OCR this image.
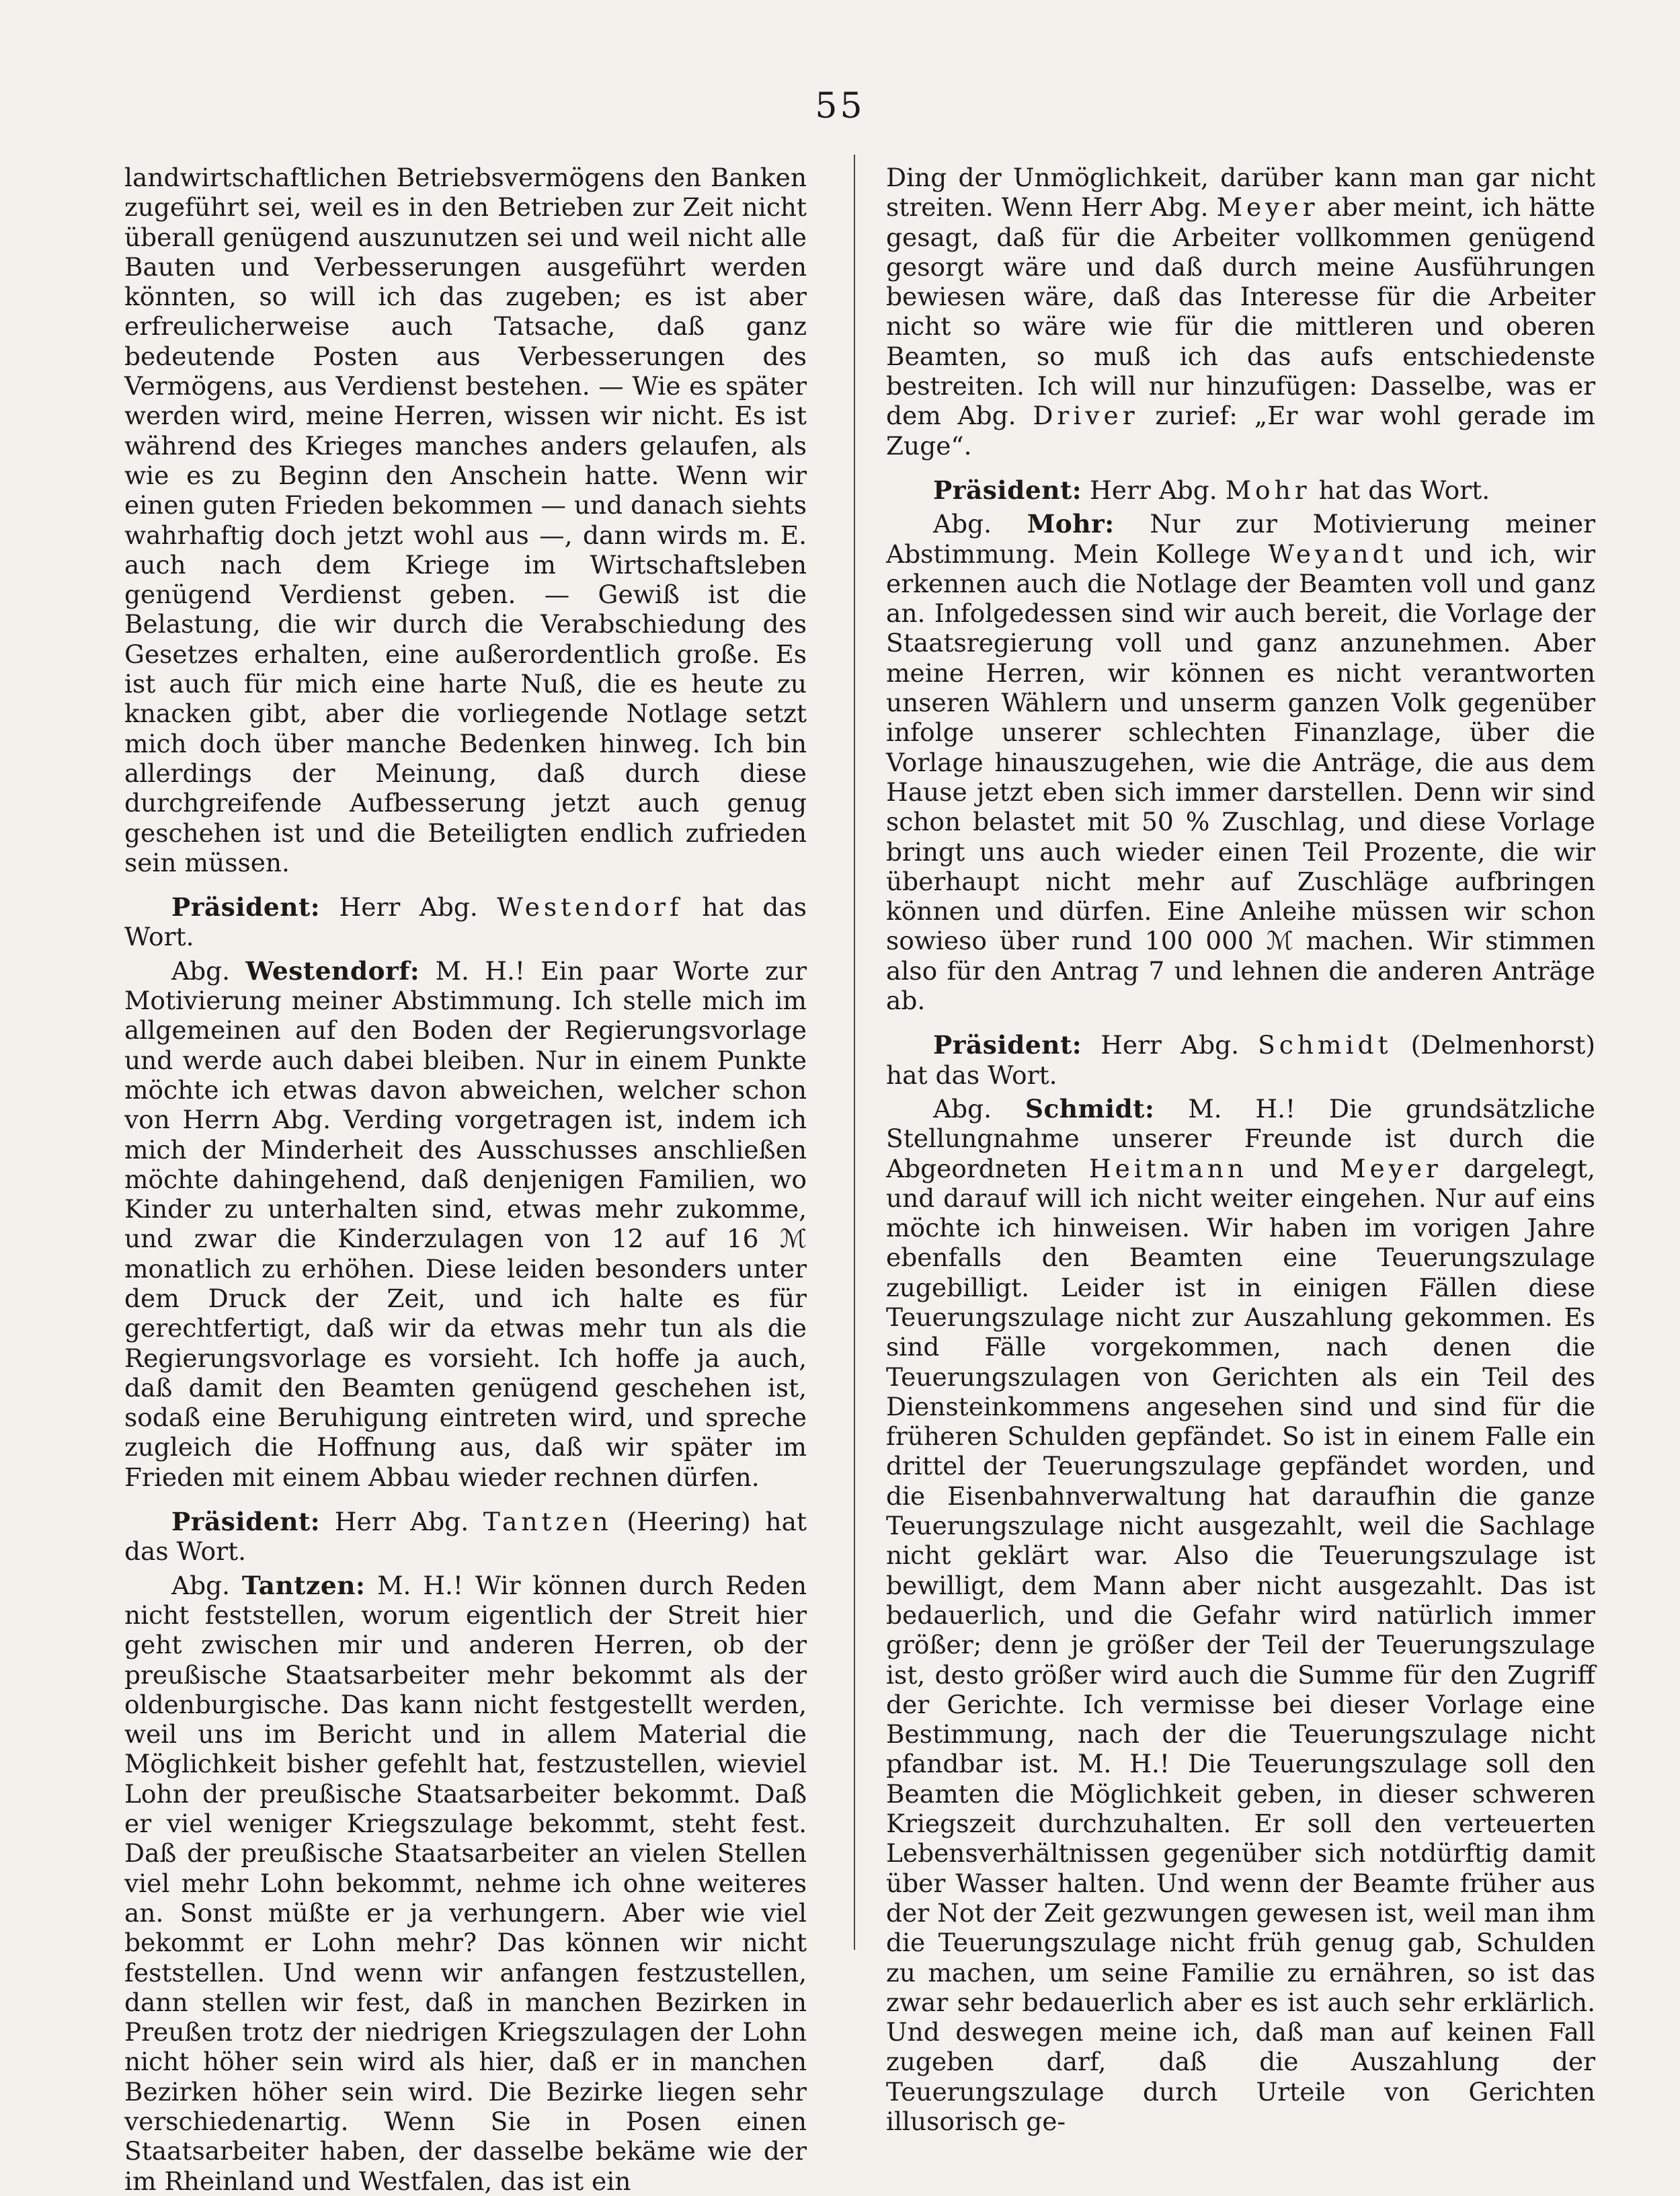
55

landwirtschaftlichen Betriebsvermögens den Banken zugeführt sei, weil es in den Betrieben zur Zeit nicht überall genügend auszunutzen sei und weil nicht alle Bauten und Verbesserungen ausgeführt werden könnten, so will ich das zugeben; es ist aber erfreulicherweise auch Tatsache, daß ganz bedeutende Posten aus Verbesserungen des Vermögens, aus Verdienst bestehen. — Wie es später werden wird, meine Herren, wissen wir nicht. Es ist während des Krieges manches anders gelaufen, als wie es zu Beginn den Anschein hatte. Wenn wir einen guten Frieden bekommen — und danach siehts wahrhaftig doch jetzt wohl aus —, dann wirds m. E. auch nach dem Kriege im Wirtschaftsleben genügend Verdienst geben. — Gewiß ist die Belastung, die wir durch die Verabschiedung des Gesetzes erhalten, eine außerordentlich große. Es ist auch für mich eine harte Nuß, die es heute zu knacken gibt, aber die vorliegende Notlage setzt mich doch über manche Bedenken hinweg. Ich bin allerdings der Meinung, daß durch diese durchgreifende Aufbesserung jetzt auch genug geschehen ist und die Beteiligten endlich zufrieden sein müssen.

Präsident: Herr Abg. Westendorf hat das Wort.

Abg. Westendorf: M. H.! Ein paar Worte zur Motivierung meiner Abstimmung. Ich stelle mich im allgemeinen auf den Boden der Regierungsvorlage und werde auch dabei bleiben. Nur in einem Punkte möchte ich etwas davon abweichen, welcher schon von Herrn Abg. Verding vorgetragen ist, indem ich mich der Minderheit des Ausschusses anschließen möchte dahingehend, daß denjenigen Familien, wo Kinder zu unterhalten sind, etwas mehr zukomme, und zwar die Kinderzulagen von 12 auf 16 ℳ monatlich zu erhöhen. Diese leiden besonders unter dem Druck der Zeit, und ich halte es für gerechtfertigt, daß wir da etwas mehr tun als die Regierungsvorlage es vorsieht. Ich hoffe ja auch, daß damit den Beamten genügend geschehen ist, sodaß eine Beruhigung eintreten wird, und spreche zugleich die Hoffnung aus, daß wir später im Frieden mit einem Abbau wieder rechnen dürfen.

Präsident: Herr Abg. Tantzen (Heering) hat das Wort.

Abg. Tantzen: M. H.! Wir können durch Reden nicht feststellen, worum eigentlich der Streit hier geht zwischen mir und anderen Herren, ob der preußische Staatsarbeiter mehr bekommt als der oldenburgische. Das kann nicht festgestellt werden, weil uns im Bericht und in allem Material die Möglichkeit bisher gefehlt hat, festzustellen, wieviel Lohn der preußische Staatsarbeiter bekommt. Daß er viel weniger Kriegszulage bekommt, steht fest. Daß der preußische Staatsarbeiter an vielen Stellen viel mehr Lohn bekommt, nehme ich ohne weiteres an. Sonst müßte er ja verhungern. Aber wie viel bekommt er Lohn mehr? Das können wir nicht feststellen. Und wenn wir anfangen festzustellen, dann stellen wir fest, daß in manchen Bezirken in Preußen trotz der niedrigen Kriegszulagen der Lohn nicht höher sein wird als hier, daß er in manchen Bezirken höher sein wird. Die Bezirke liegen sehr verschiedenartig. Wenn Sie in Posen einen Staatsarbeiter haben, der dasselbe bekäme wie der im Rheinland und Westfalen, das ist ein

Ding der Unmöglichkeit, darüber kann man gar nicht streiten. Wenn Herr Abg. Meyer aber meint, ich hätte gesagt, daß für die Arbeiter vollkommen genügend gesorgt wäre und daß durch meine Ausführungen bewiesen wäre, daß das Interesse für die Arbeiter nicht so wäre wie für die mittleren und oberen Beamten, so muß ich das aufs entschiedenste bestreiten. Ich will nur hinzufügen: Dasselbe, was er dem Abg. Driver zurief: „Er war wohl gerade im Zuge“.

Präsident: Herr Abg. Mohr hat das Wort.

Abg. Mohr: Nur zur Motivierung meiner Abstimmung. Mein Kollege Weyandt und ich, wir erkennen auch die Notlage der Beamten voll und ganz an. Infolgedessen sind wir auch bereit, die Vorlage der Staatsregierung voll und ganz anzunehmen. Aber meine Herren, wir können es nicht verantworten unseren Wählern und unserm ganzen Volk gegenüber infolge unserer schlechten Finanzlage, über die Vorlage hinauszugehen, wie die Anträge, die aus dem Hause jetzt eben sich immer darstellen. Denn wir sind schon belastet mit 50 % Zuschlag, und diese Vorlage bringt uns auch wieder einen Teil Prozente, die wir überhaupt nicht mehr auf Zuschläge aufbringen können und dürfen. Eine Anleihe müssen wir schon sowieso über rund 100 000 ℳ machen. Wir stimmen also für den Antrag 7 und lehnen die anderen Anträge ab.

Präsident: Herr Abg. Schmidt (Delmenhorst) hat das Wort.

Abg. Schmidt: M. H.! Die grundsätzliche Stellungnahme unserer Freunde ist durch die Abgeordneten Heitmann und Meyer dargelegt, und darauf will ich nicht weiter eingehen. Nur auf eins möchte ich hinweisen. Wir haben im vorigen Jahre ebenfalls den Beamten eine Teuerungszulage zugebilligt. Leider ist in einigen Fällen diese Teuerungszulage nicht zur Auszahlung gekommen. Es sind Fälle vorgekommen, nach denen die Teuerungszulagen von Gerichten als ein Teil des Diensteinkommens angesehen sind und sind für die früheren Schulden gepfändet. So ist in einem Falle ein drittel der Teuerungszulage gepfändet worden, und die Eisenbahnverwaltung hat daraufhin die ganze Teuerungszulage nicht ausgezahlt, weil die Sachlage nicht geklärt war. Also die Teuerungszulage ist bewilligt, dem Mann aber nicht ausgezahlt. Das ist bedauerlich, und die Gefahr wird natürlich immer größer; denn je größer der Teil der Teuerungszulage ist, desto größer wird auch die Summe für den Zugriff der Gerichte. Ich vermisse bei dieser Vorlage eine Bestimmung, nach der die Teuerungszulage nicht pfandbar ist. M. H.! Die Teuerungszulage soll den Beamten die Möglichkeit geben, in dieser schweren Kriegszeit durchzuhalten. Er soll den verteuerten Lebensverhältnissen gegenüber sich notdürftig damit über Wasser halten. Und wenn der Beamte früher aus der Not der Zeit gezwungen gewesen ist, weil man ihm die Teuerungszulage nicht früh genug gab, Schulden zu machen, um seine Familie zu ernähren, so ist das zwar sehr bedauerlich aber es ist auch sehr erklärlich. Und deswegen meine ich, daß man auf keinen Fall zugeben darf, daß die Auszahlung der Teuerungszulage durch Urteile von Gerichten illusorisch ge-
